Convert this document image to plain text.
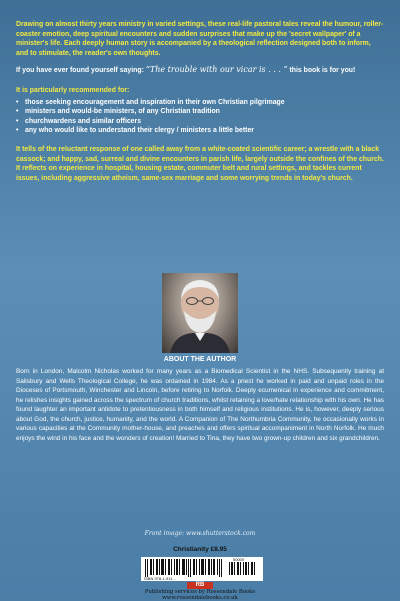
Drawing on almost thirty years ministry in varied settings, these real-life pastoral tales reveal the humour, roller-coaster emotion, deep spiritual encounters and sudden surprises that make up the 'secret wallpaper' of a minister's life. Each deeply human story is accompanied by a theological reflection designed both to inform, and to stimulate, the reader's own thoughts.

If you have ever found yourself saying: “The trouble with our vicar is . . . ” this book is for you!

It is particularly recommended for:

• those seeking encouragement and inspiration in their own Christian pilgrimage
• ministers and would-be ministers, of any Christian tradition
• churchwardens and similar officers
• any who would like to understand their clergy / ministers a little better

It tells of the reluctant response of one called away from a white-coated scientific career; a wrestle with a black cassock; and happy, sad, surreal and divine encounters in parish life, largely outside the confines of the church. It reflects on experience in hospital, housing estate, commuter belt and rural settings, and tackles current issues, including aggressive atheism, same-sex marriage and some worrying trends in today's church.

ABOUT THE AUTHOR
Born in London, Malcolm Nicholas worked for many years as a Biomedical Scientist in the NHS. Subsequently training at Salisbury and Wells Theological College, he was ordained in 1984. As a priest he worked in paid and unpaid roles in the Dioceses of Portsmouth, Winchester and Lincoln, before retiring to Norfolk. Deeply ecumenical in experience and commitment, he relishes insights gained across the spectrum of church traditions, whilst retaining a love/hate relationship with his own. He has found laughter an important antidote to pretentiousness in both himself and religious institutions. He is, however, deeply serious about God, the church, justice, humanity, and the world. A Companion of The Northumbria Community, he occasionally works in various capacities at the Community mother-house, and preaches and offers spiritual accompaniment in North Norfolk. He much enjoys the wind in his face and the wonders of creation! Married to Tina, they have two grown-up children and six grandchildren.
Front image: www.shutterstock.com
Christianity £8.95
ISBN 978-1-911...
50000
RB
Publishing services by Rossendale Books
www.rossendalebooks.co.uk
